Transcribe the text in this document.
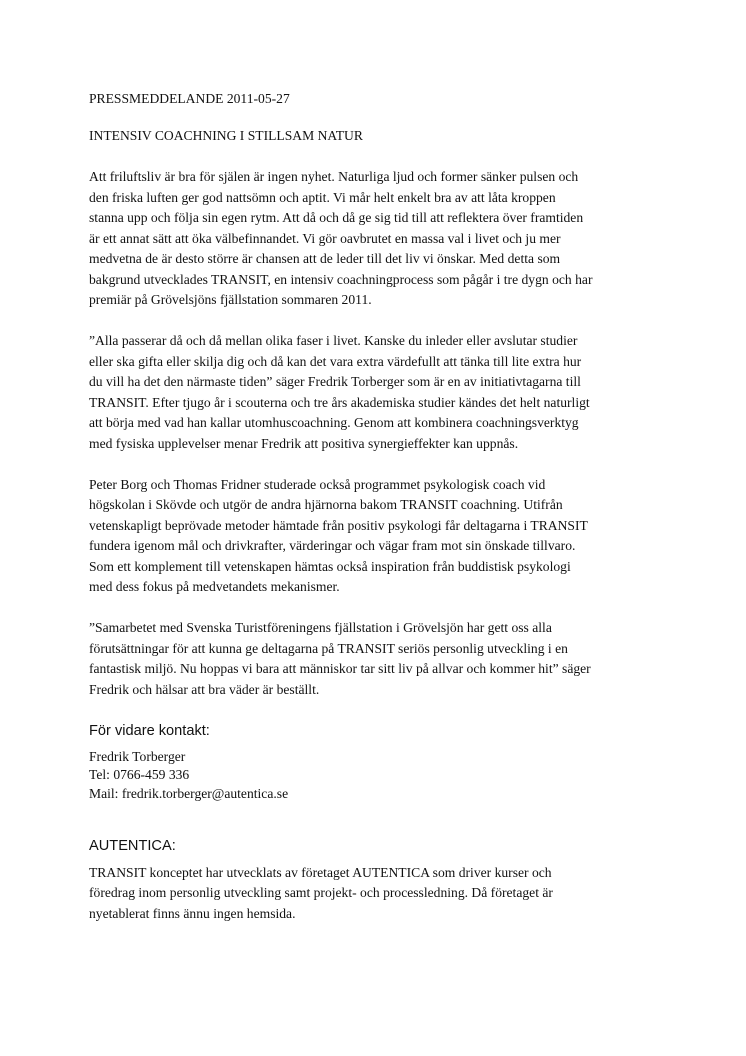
PRESSMEDDELANDE 2011-05-27

INTENSIV COACHNING I STILLSAM NATUR

Att friluftsliv är bra för själen är ingen nyhet. Naturliga ljud och former sänker pulsen och
den friska luften ger god nattsömn och aptit. Vi mår helt enkelt bra av att låta kroppen
stanna upp och följa sin egen rytm. Att då och då ge sig tid till att reflektera över framtiden
är ett annat sätt att öka välbefinnandet. Vi gör oavbrutet en massa val i livet och ju mer
medvetna de är desto större är chansen att de leder till det liv vi önskar. Med detta som
bakgrund utvecklades TRANSIT, en intensiv coachningprocess som pågår i tre dygn och har
premiär på Grövelsjöns fjällstation sommaren 2011.

”Alla passerar då och då mellan olika faser i livet. Kanske du inleder eller avslutar studier
eller ska gifta eller skilja dig och då kan det vara extra värdefullt att tänka till lite extra hur
du vill ha det den närmaste tiden” säger Fredrik Torberger som är en av initiativtagarna till
TRANSIT. Efter tjugo år i scouterna och tre års akademiska studier kändes det helt naturligt
att börja med vad han kallar utomhuscoachning. Genom att kombinera coachningsverktyg
med fysiska upplevelser menar Fredrik att positiva synergieffekter kan uppnås.

Peter Borg och Thomas Fridner studerade också programmet psykologisk coach vid
högskolan i Skövde och utgör de andra hjärnorna bakom TRANSIT coachning. Utifrån
vetenskapligt beprövade metoder hämtade från positiv psykologi får deltagarna i TRANSIT
fundera igenom mål och drivkrafter, värderingar och vägar fram mot sin önskade tillvaro.
Som ett komplement till vetenskapen hämtas också inspiration från buddistisk psykologi
med dess fokus på medvetandets mekanismer.

”Samarbetet med Svenska Turistföreningens fjällstation i Grövelsjön har gett oss alla
förutsättningar för att kunna ge deltagarna på TRANSIT seriös personlig utveckling i en
fantastisk miljö. Nu hoppas vi bara att människor tar sitt liv på allvar och kommer hit” säger
Fredrik och hälsar att bra väder är beställt.

För vidare kontakt:

Fredrik Torberger
Tel: 0766-459 336
Mail: fredrik.torberger@autentica.se

AUTENTICA:

TRANSIT konceptet har utvecklats av företaget AUTENTICA som driver kurser och
föredrag inom personlig utveckling samt projekt- och processledning. Då företaget är
nyetablerat finns ännu ingen hemsida.
